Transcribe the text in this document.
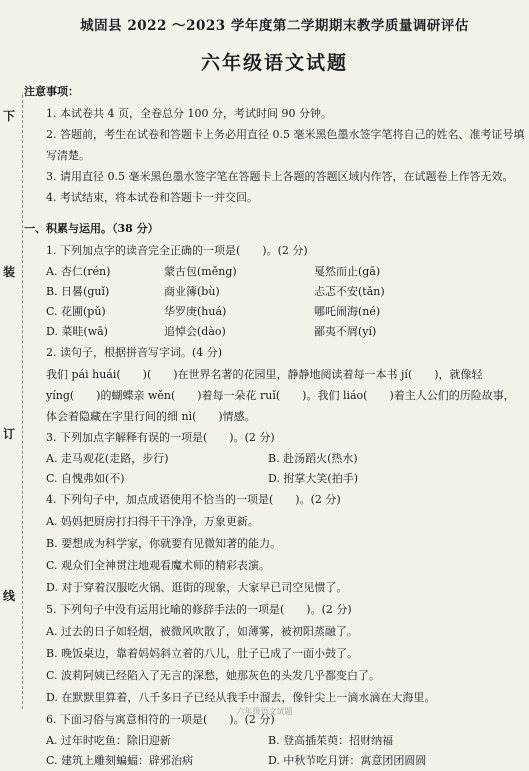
下
装
订
线
城固县 2022 ～2023 学年度第二学期期末教学质量调研评估
六年级语文试题
注意事项：
1. 本试卷共 4 页，全卷总分 100 分，考试时间 90 分钟。
2. 答题前，考生在试卷和答题卡上务必用直径 0.5 毫米黑色墨水签字笔将自己的姓名、准考证号填写清楚。
3. 请用直径 0.5 毫米黑色墨水签字笔在答题卡上各题的答题区域内作答，在试题卷上作答无效。
4. 考试结束，将本试卷和答题卡一并交回。
一、积累与运用。（38 分）
1. 下列加点字的读音完全正确的一项是(　　)。(2 分)
A. 杏仁(rén)	蒙古包(měng)	戛然而止(gā)
B. 日晷(guǐ)	商业簿(bù)	忐忑不安(tǎn)
C. 花圃(pǔ)	华罗庚(huá)	哪吒闹海(né)
D. 菜畦(wā)	追悼会(dào)	鄙夷不屑(yí)
2. 读句子，根据拼音写字词。(4 分)
我们 pái huái(　　)(　　)在世界名著的花园里，静静地阅读着每一本书 jí(　　)，就像轻 yíng(　　)的蝴蝶亲 wěn(　　)着每一朵花 ruǐ(　　)。我们 liáo(　　)着主人公们的历险故事，体会着隐藏在字里行间的细 nì(　　)情感。
3. 下列加点字解释有误的一项是(　　)。(2 分)
A. 走马观花(走路，步行)	B. 赴汤蹈火(热水)
C. 自愧弗如(不)	D. 拊掌大笑(拍手)
4. 下列句子中，加点成语使用不恰当的一项是(　　)。(2 分)
A. 妈妈把厨房打扫得干干净净，万象更新。
B. 要想成为科学家，你就要有见微知著的能力。
C. 观众们全神贯注地观看魔术师的精彩表演。
D. 对于穿着汉服吃火锅、逛街的现象，大家早已司空见惯了。
5. 下列句子中没有运用比喻的修辞手法的一项是(　　)。(2 分)
A. 过去的日子如轻烟，被微风吹散了，如薄雾，被初阳蒸融了。
B. 晚饭桌边，靠着妈妈斜立着的八儿，肚子已成了一面小鼓了。
C. 波莉阿姨已经陷入了无言的深愁，她那灰色的头发几乎都变白了。
D. 在默默里算着，八千多日子已经从我手中溜去，像针尖上一滴水滴在大海里。
6. 下面习俗与寓意相符的一项是(　　)。(2 分)
A. 过年时吃鱼：除旧迎新	B. 登高插茱萸：招财纳福
C. 建筑上雕刻蝙蝠：辟邪治病	D. 中秋节吃月饼：寓意团团圆圆
六年级语文试题
